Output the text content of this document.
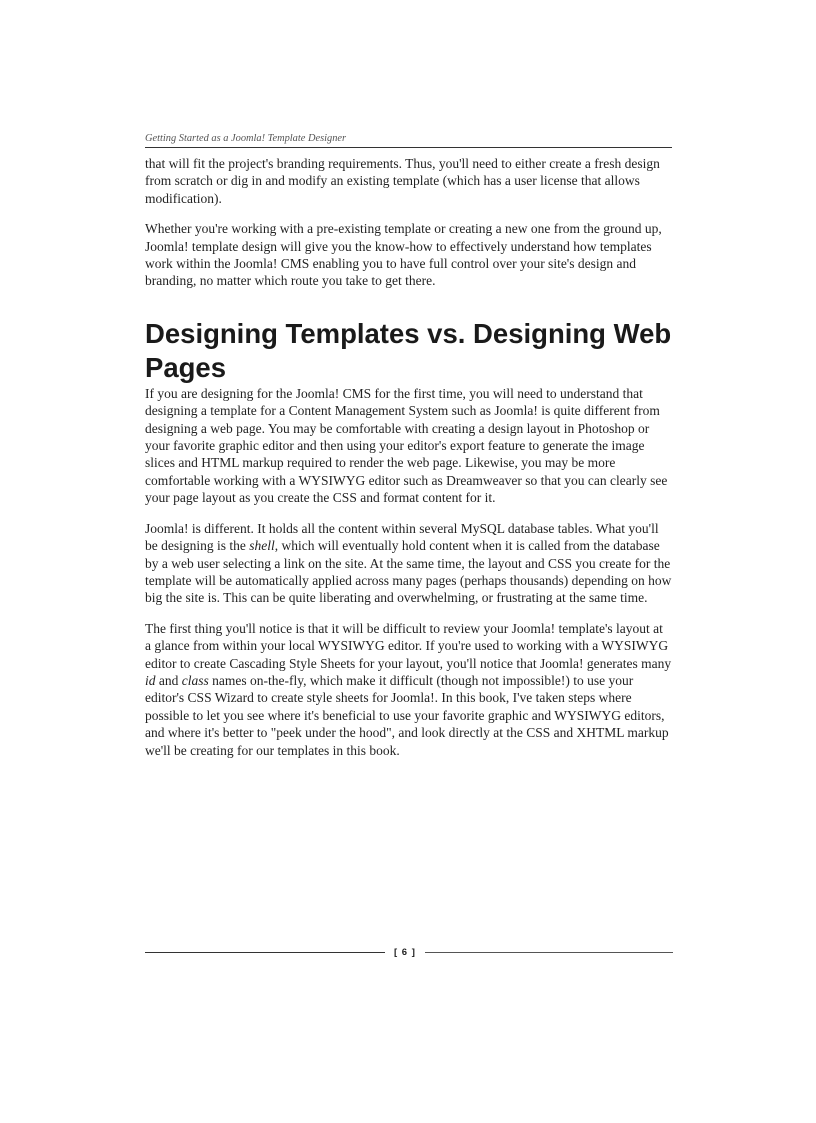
Getting Started as a Joomla! Template Designer

that will fit the project's branding requirements. Thus, you'll need to either create a fresh design from scratch or dig in and modify an existing template (which has a user license that allows modification).

Whether you're working with a pre-existing template or creating a new one from the ground up, Joomla! template design will give you the know-how to effectively understand how templates work within the Joomla! CMS enabling you to have full control over your site's design and branding, no matter which route you take to get there.

Designing Templates vs. Designing Web Pages

If you are designing for the Joomla! CMS for the first time, you will need to understand that designing a template for a Content Management System such as Joomla! is quite different from designing a web page. You may be comfortable with creating a design layout in Photoshop or your favorite graphic editor and then using your editor's export feature to generate the image slices and HTML markup required to render the web page. Likewise, you may be more comfortable working with a WYSIWYG editor such as Dreamweaver so that you can clearly see your page layout as you create the CSS and format content for it.

Joomla! is different. It holds all the content within several MySQL database tables. What you'll be designing is the shell, which will eventually hold content when it is called from the database by a web user selecting a link on the site. At the same time, the layout and CSS you create for the template will be automatically applied across many pages (perhaps thousands) depending on how big the site is. This can be quite liberating and overwhelming, or frustrating at the same time.

The first thing you'll notice is that it will be difficult to review your Joomla! template's layout at a glance from within your local WYSIWYG editor. If you're used to working with a WYSIWYG editor to create Cascading Style Sheets for your layout, you'll notice that Joomla! generates many id and class names on-the-fly, which make it difficult (though not impossible!) to use your editor's CSS Wizard to create style sheets for Joomla!. In this book, I've taken steps where possible to let you see where it's beneficial to use your favorite graphic and WYSIWYG editors, and where it's better to "peek under the hood", and look directly at the CSS and XHTML markup we'll be creating for our templates in this book.

[ 6 ]
